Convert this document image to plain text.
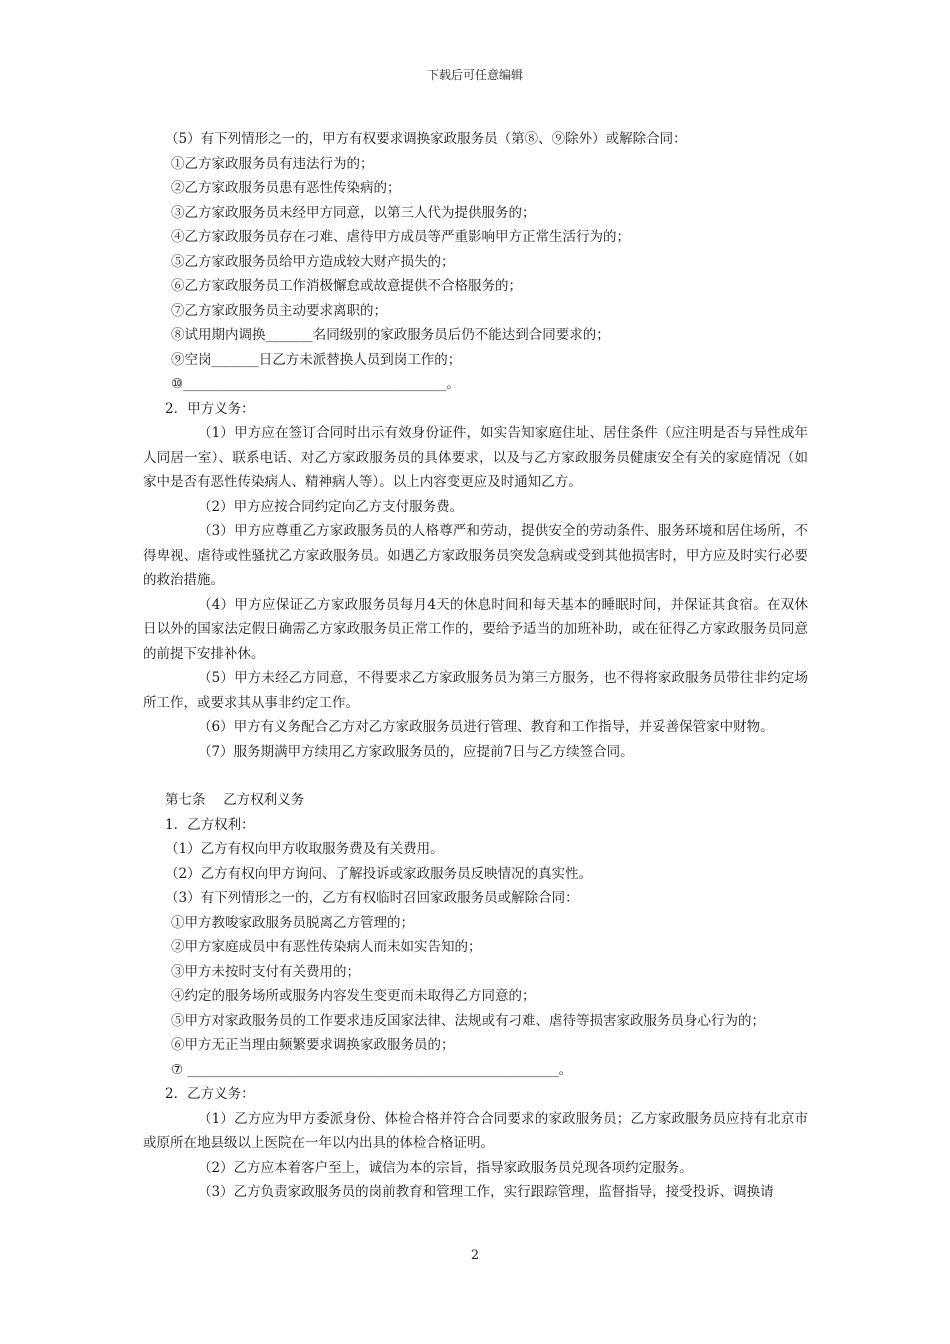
下载后可任意编辑

（5）有下列情形之一的，甲方有权要求调换家政服务员（第⑧、⑨除外）或解除合同：

①乙方家政服务员有违法行为的；

②乙方家政服务员患有恶性传染病的；

③乙方家政服务员未经甲方同意，以第三人代为提供服务的；

④乙方家政服务员存在刁难、虐待甲方成员等严重影响甲方正常生活行为的；

⑤乙方家政服务员给甲方造成较大财产损失的；

⑥乙方家政服务员工作消极懈怠或故意提供不合格服务的；

⑦乙方家政服务员主动要求离职的；

⑧试用期内调换_______名同级别的家政服务员后仍不能达到合同要求的；

⑨空岗_______日乙方未派替换人员到岗工作的；

⑩_______________________________________。

2．甲方义务：

（1）甲方应在签订合同时出示有效身份证件，如实告知家庭住址、居住条件（应注明是否与异性成年人同居一室）、联系电话、对乙方家政服务员的具体要求，以及与乙方家政服务员健康安全有关的家庭情况（如家中是否有恶性传染病人、精神病人等）。以上内容变更应及时通知乙方。

（2）甲方应按合同约定向乙方支付服务费。

（3）甲方应尊重乙方家政服务员的人格尊严和劳动，提供安全的劳动条件、服务环境和居住场所，不得卑视、虐待或性骚扰乙方家政服务员。如遇乙方家政服务员突发急病或受到其他损害时，甲方应及时实行必要的救治措施。

（4）甲方应保证乙方家政服务员每月4天的休息时间和每天基本的睡眠时间，并保证其食宿。在双休日以外的国家法定假日确需乙方家政服务员正常工作的，要给予适当的加班补助，或在征得乙方家政服务员同意的前提下安排补休。

（5）甲方未经乙方同意，不得要求乙方家政服务员为第三方服务，也不得将家政服务员带往非约定场所工作，或要求其从事非约定工作。

（6）甲方有义务配合乙方对乙方家政服务员进行管理、教育和工作指导，并妥善保管家中财物。

（7）服务期满甲方续用乙方家政服务员的，应提前7日与乙方续签合同。

第七条　 乙方权利义务

1．乙方权利：

（1）乙方有权向甲方收取服务费及有关费用。

（2）乙方有权向甲方询问、了解投诉或家政服务员反映情况的真实性。

（3）有下列情形之一的，乙方有权临时召回家政服务员或解除合同：

①甲方教唆家政服务员脱离乙方管理的；

②甲方家庭成员中有恶性传染病人而未如实告知的；

③甲方未按时支付有关费用的；

④约定的服务场所或服务内容发生变更而未取得乙方同意的；

⑤甲方对家政服务员的工作要求违反国家法律、法规或有刁难、虐待等损害家政服务员身心行为的；

⑥甲方无正当理由频繁要求调换家政服务员的；

⑦ _______________________________________________________。

2．乙方义务：

（1）乙方应为甲方委派身份、体检合格并符合合同要求的家政服务员；乙方家政服务员应持有北京市或原所在地县级以上医院在一年以内出具的体检合格证明。

（2）乙方应本着客户至上，诚信为本的宗旨，指导家政服务员兑现各项约定服务。

（3）乙方负责家政服务员的岗前教育和管理工作，实行跟踪管理，监督指导，接受投诉、调换请

2
